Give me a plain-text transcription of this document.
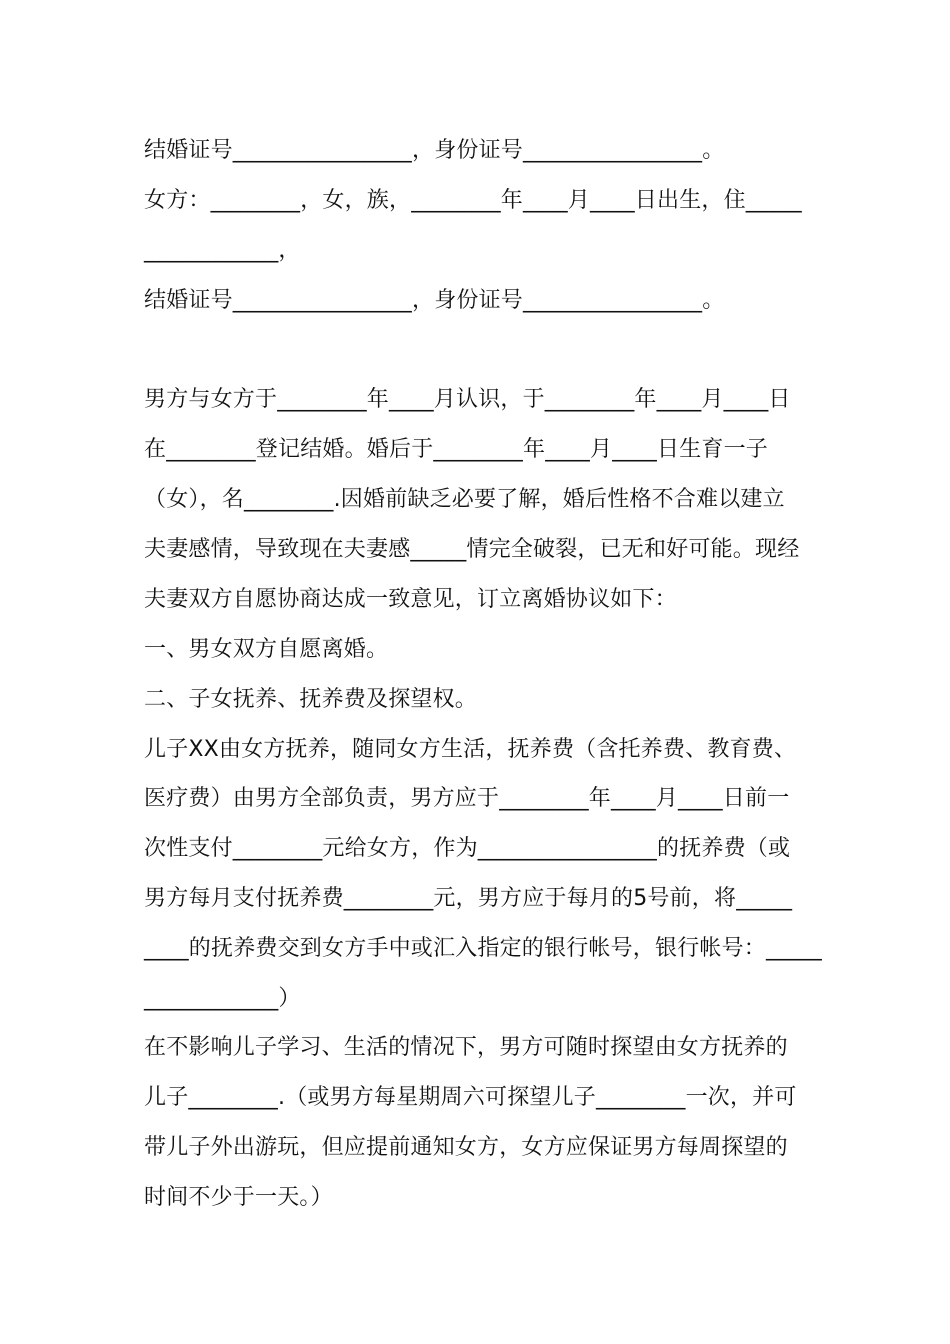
结婚证号________________，身份证号________________。
女方：________，女，族，________年____月____日出生，住_____
____________，
结婚证号________________，身份证号________________。
男方与女方于________年____月认识，于________年____月____日
在________登记结婚。婚后于________年____月____日生育一子
（女），名________.因婚前缺乏必要了解，婚后性格不合难以建立
夫妻感情，导致现在夫妻感_____情完全破裂，已无和好可能。现经
夫妻双方自愿协商达成一致意见，订立离婚协议如下：
一、男女双方自愿离婚。
二、子女抚养、抚养费及探望权。
儿子XX由女方抚养，随同女方生活，抚养费（含托养费、教育费、
医疗费）由男方全部负责，男方应于________年____月____日前一
次性支付________元给女方，作为________________的抚养费（或
男方每月支付抚养费________元，男方应于每月的5号前，将_____
____的抚养费交到女方手中或汇入指定的银行帐号，银行帐号：_____
____________）
在不影响儿子学习、生活的情况下，男方可随时探望由女方抚养的
儿子________.（或男方每星期周六可探望儿子________一次，并可
带儿子外出游玩，但应提前通知女方，女方应保证男方每周探望的
时间不少于一天。）
